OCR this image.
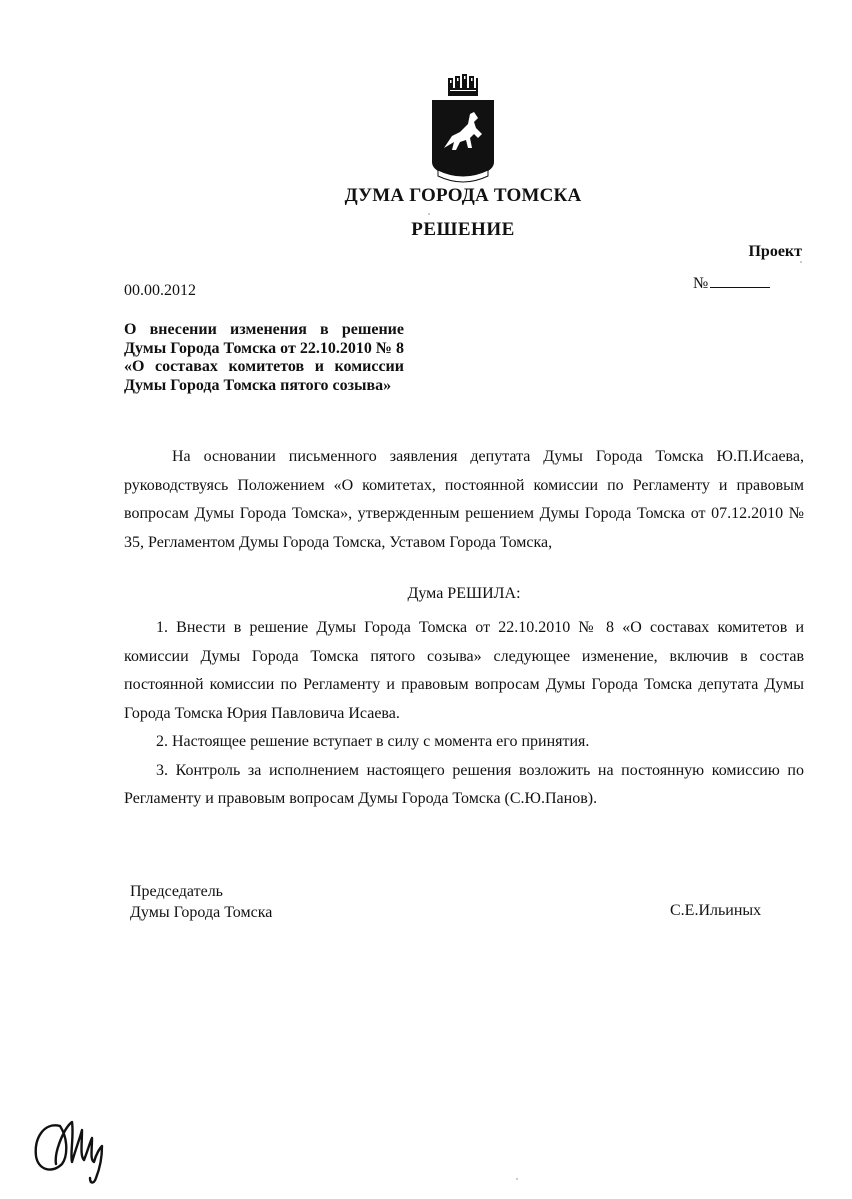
ДУМА ГОРОДА ТОМСКА
РЕШЕНИЕ
Проект
00.00.2012	№
О внесении изменения в решение Думы Города Томска от 22.10.2010 № 8 «О составах комитетов и комиссии Думы Города Томска пятого созыва»
На основании письменного заявления депутата Думы Города Томска Ю.П.Исаева, руководствуясь Положением «О комитетах, постоянной комиссии по Регламенту и правовым вопросам Думы Города Томска», утвержденным решением Думы Города Томска от 07.12.2010 № 35, Регламентом Думы Города Томска, Уставом Города Томска,
Дума РЕШИЛА:

1. Внести в решение Думы Города Томска от 22.10.2010 № 8 «О составах комитетов и комиссии Думы Города Томска пятого созыва» следующее изменение, включив в состав постоянной комиссии по Регламенту и правовым вопросам Думы Города Томска депутата Думы Города Томска Юрия Павловича Исаева.

2. Настоящее решение вступает в силу с момента его принятия.

3. Контроль за исполнением настоящего решения возложить на постоянную комиссию по Регламенту и правовым вопросам Думы Города Томска (С.Ю.Панов).

Председатель
Думы Города Томска	С.Е.Ильиных
